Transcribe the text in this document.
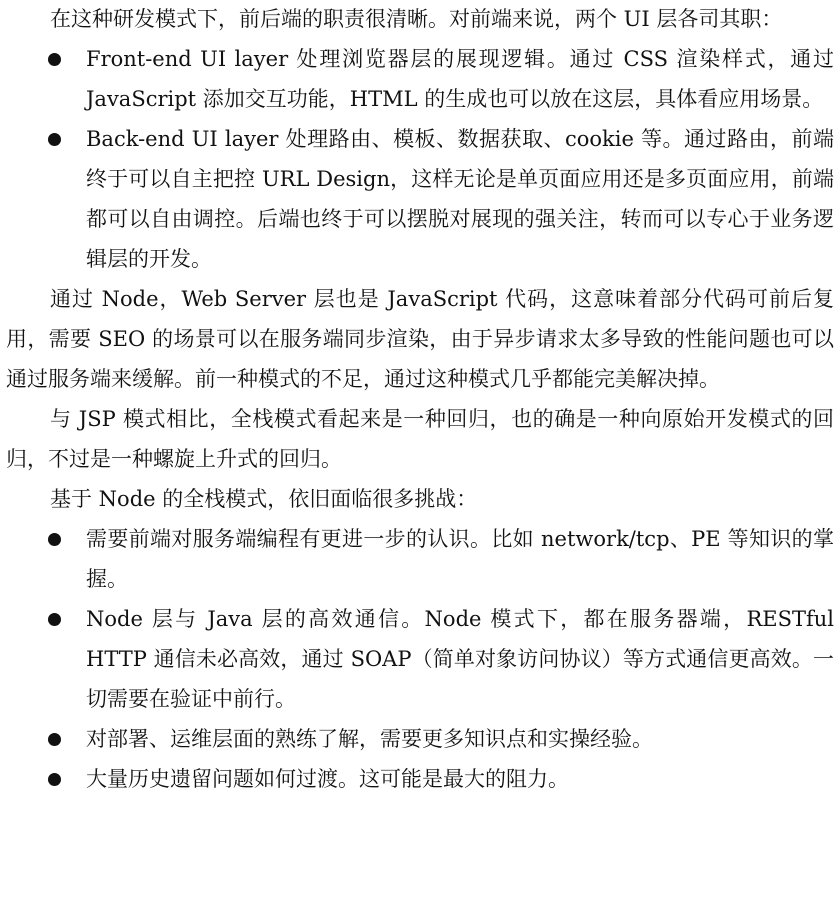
在这种研发模式下，前后端的职责很清晰。对前端来说，两个 UI 层各司其职：

Front-end UI layer 处理浏览器层的展现逻辑。通过 CSS 渲染样式，通过 JavaScript 添加交互功能，HTML 的生成也可以放在这层，具体看应用场景。
Back-end UI layer 处理路由、模板、数据获取、cookie 等。通过路由，前端终于可以自主把控 URL Design，这样无论是单页面应用还是多页面应用，前端都可以自由调控。后端也终于可以摆脱对展现的强关注，转而可以专心于业务逻辑层的开发。

通过 Node，Web Server 层也是 JavaScript 代码，这意味着部分代码可前后复用，需要 SEO 的场景可以在服务端同步渲染，由于异步请求太多导致的性能问题也可以通过服务端来缓解。前一种模式的不足，通过这种模式几乎都能完美解决掉。

与 JSP 模式相比，全栈模式看起来是一种回归，也的确是一种向原始开发模式的回归，不过是一种螺旋上升式的回归。

基于 Node 的全栈模式，依旧面临很多挑战：

需要前端对服务端编程有更进一步的认识。比如 network/tcp、PE 等知识的掌握。
Node 层与 Java 层的高效通信。Node 模式下，都在服务器端，RESTful HTTP 通信未必高效，通过 SOAP（简单对象访问协议）等方式通信更高效。一切需要在验证中前行。
对部署、运维层面的熟练了解，需要更多知识点和实操经验。
大量历史遗留问题如何过渡。这可能是最大的阻力。
